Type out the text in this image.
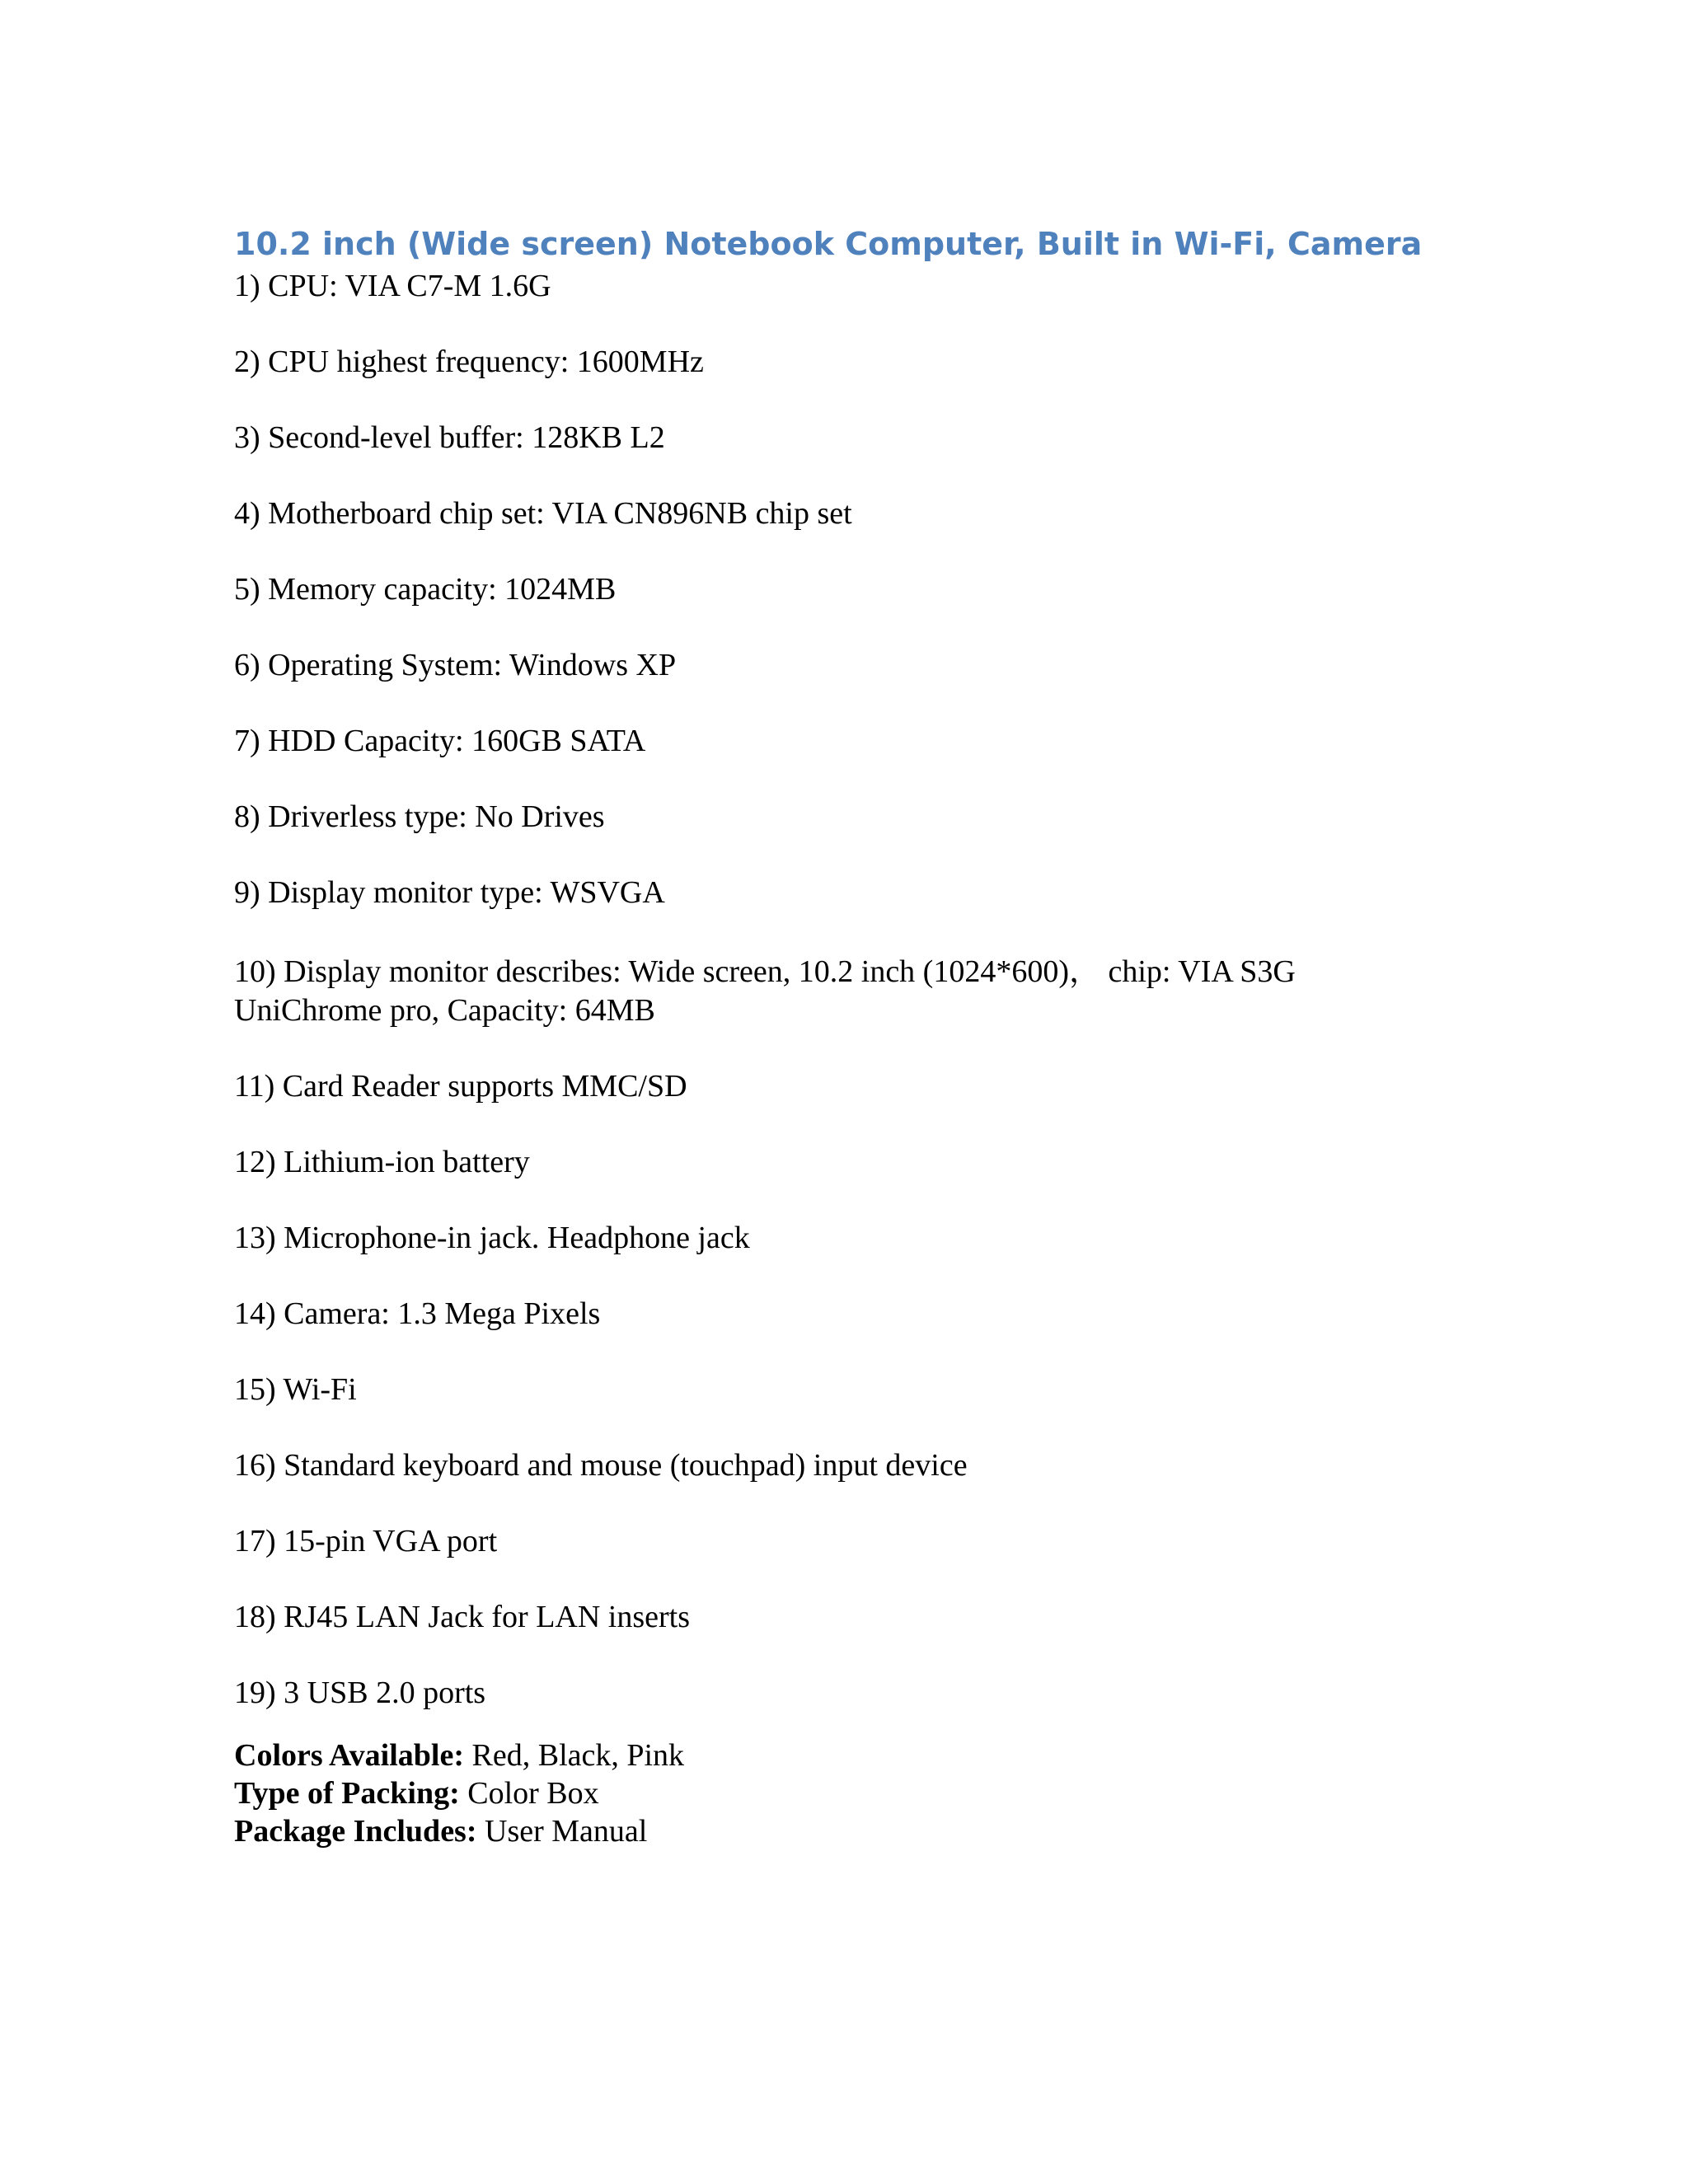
10.2 inch (Wide screen) Notebook Computer, Built in Wi-Fi, Camera
1) CPU: VIA C7-M 1.6G
2) CPU highest frequency: 1600MHz
3) Second-level buffer: 128KB L2
4) Motherboard chip set: VIA CN896NB chip set
5) Memory capacity: 1024MB
6) Operating System: Windows XP
7) HDD Capacity: 160GB SATA
8) Driverless type: No Drives
9) Display monitor type: WSVGA
10) Display monitor describes: Wide screen, 10.2 inch (1024*600)， chip: VIA S3G UniChrome pro, Capacity: 64MB
11) Card Reader supports MMC/SD
12) Lithium-ion battery
13) Microphone-in jack. Headphone jack
14) Camera: 1.3 Mega Pixels
15) Wi-Fi
16) Standard keyboard and mouse (touchpad) input device
17) 15-pin VGA port
18) RJ45 LAN Jack for LAN inserts
19) 3 USB 2.0 ports
Colors Available: Red, Black, Pink
Type of Packing: Color Box
Package Includes: User Manual
